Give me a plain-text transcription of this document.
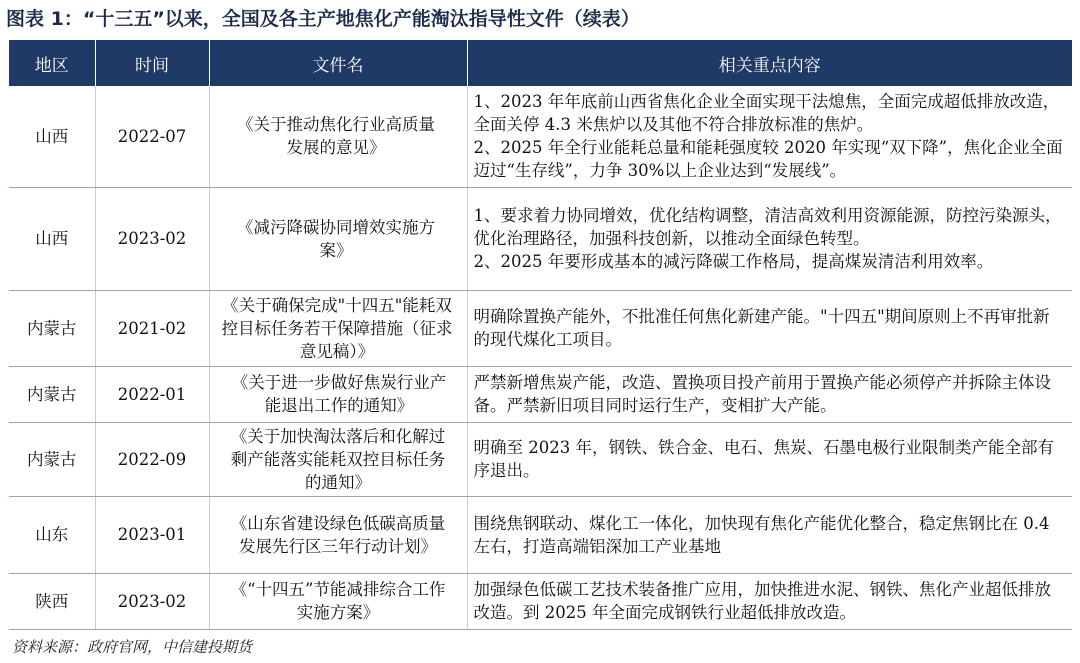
图表 1：“十三五”以来，全国及各主产地焦化产能淘汰指导性文件（续表）
地区	时间	文件名	相关重点内容
山西	2022-07	《关于推动焦化行业高质量发展的意见》	1、2023 年年底前山西省焦化企业全面实现干法熄焦，全面完成超低排放改造，全面关停 4.3 米焦炉以及其他不符合排放标准的焦炉。
2、2025 年全行业能耗总量和能耗强度较 2020 年实现“双下降”，焦化企业全面迈过“生存线”，力争 30%以上企业达到“发展线”。

山西	2023-02	《减污降碳协同增效实施方案》	1、要求着力协同增效，优化结构调整，清洁高效利用资源能源，防控污染源头，优化治理路径，加强科技创新，以推动全面绿色转型。
2、2025 年要形成基本的减污降碳工作格局，提高煤炭清洁利用效率。

内蒙古	2021-02	《关于确保完成"十四五"能耗双控目标任务若干保障措施（征求意见稿）》	明确除置换产能外，不批准任何焦化新建产能。"十四五"期间原则上不再审批新的现代煤化工项目。
内蒙古	2022-01	《关于进一步做好焦炭行业产能退出工作的通知》	严禁新增焦炭产能，改造、置换项目投产前用于置换产能必须停产并拆除主体设备。严禁新旧项目同时运行生产，变相扩大产能。
内蒙古	2022-09	《关于加快淘汰落后和化解过剩产能落实能耗双控目标任务的通知》	明确至 2023 年，钢铁、铁合金、电石、焦炭、石墨电极行业限制类产能全部有序退出。
山东	2023-01	《山东省建设绿色低碳高质量发展先行区三年行动计划》	围绕焦钢联动、煤化工一体化，加快现有焦化产能优化整合，稳定焦钢比在 0.4 左右，打造高端铝深加工产业基地
陕西	2023-02	《“十四五”节能减排综合工作实施方案》	加强绿色低碳工艺技术装备推广应用，加快推进水泥、钢铁、焦化产业超低排放改造。到 2025 年全面完成钢铁行业超低排放改造。
资料来源：政府官网，中信建投期货
